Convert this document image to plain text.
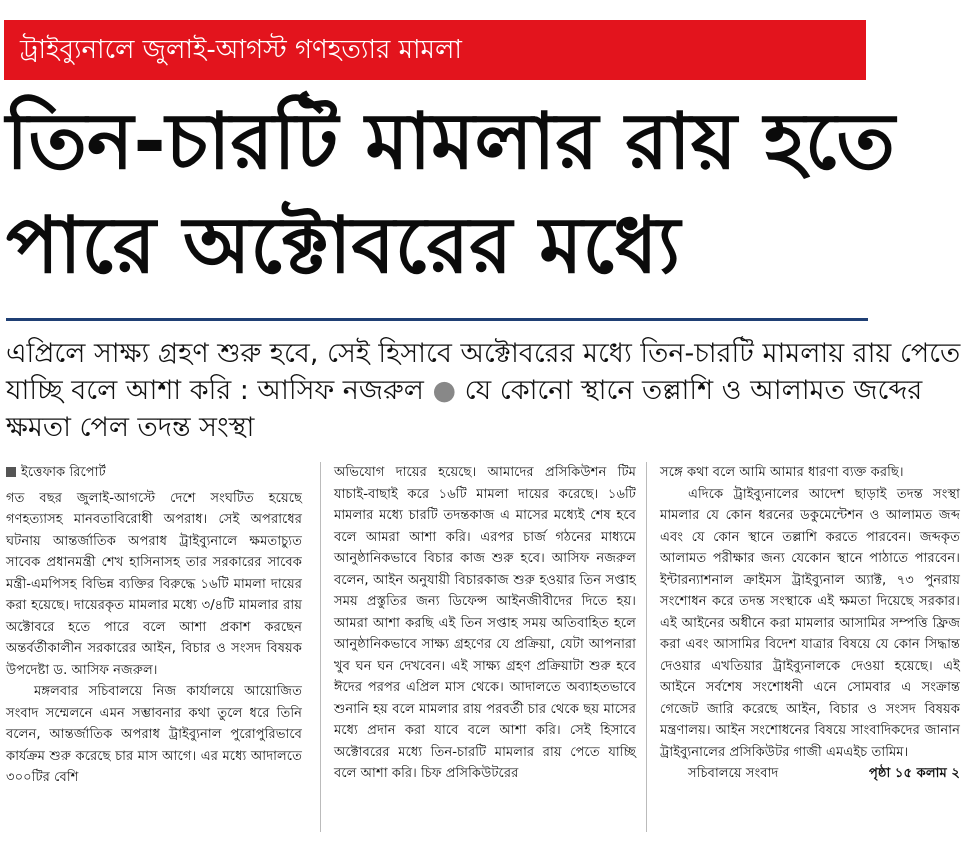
ট্রাইব্যুনালে জুলাই-আগস্ট গণহত্যার মামলা
তিন-চারটি মামলার রায় হতে
পারে অক্টোবরের মধ্যে
এপ্রিলে সাক্ষ্য গ্রহণ শুরু হবে, সেই হিসাবে অক্টোবরের মধ্যে তিন-চারটি মামলায় রায় পেতে যাচ্ছি বলে আশা করি : আসিফ নজরুল ● যে কোনো স্থানে তল্লাশি ও আলামত জব্দের ক্ষমতা পেল তদন্ত সংস্থা
ইত্তেফাক রিপোর্ট

গত বছর জুলাই-আগস্টে দেশে সংঘটিত হয়েছে গণহত্যাসহ মানবতাবিরোধী অপরাধ। সেই অপরাধের ঘটনায় আন্তর্জাতিক অপরাধ ট্রাইব্যুনালে ক্ষমতাচ্যুত সাবেক প্রধানমন্ত্রী শেখ হাসিনাসহ তার সরকারের সাবেক মন্ত্রী-এমপিসহ বিভিন্ন ব্যক্তির বিরুদ্ধে ১৬টি মামলা দায়ের করা হয়েছে। দায়েরকৃত মামলার মধ্যে ৩/৪টি মামলার রায় অক্টোবরে হতে পারে বলে আশা প্রকাশ করছেন অন্তর্বর্তীকালীন সরকারের আইন, বিচার ও সংসদ বিষয়ক উপদেষ্টা ড. আসিফ নজরুল।

মঙ্গলবার সচিবালয়ে নিজ কার্যালয়ে আয়োজিত সংবাদ সম্মেলনে এমন সম্ভাবনার কথা তুলে ধরে তিনি বলেন, আন্তর্জাতিক অপরাধ ট্রাইব্যুনাল পুরোপুরিভাবে কার্যক্রম শুরু করেছে চার মাস আগে। এর মধ্যে আদালতে ৩০০টির বেশি

অভিযোগ দায়ের হয়েছে। আমাদের প্রসিকিউশন টিম যাচাই-বাছাই করে ১৬টি মামলা দায়ের করেছে। ১৬টি মামলার মধ্যে চারটি তদন্তকাজ এ মাসের মধ্যেই শেষ হবে বলে আমরা আশা করি। এরপর চার্জ গঠনের মাধ্যমে আনুষ্ঠানিকভাবে বিচার কাজ শুরু হবে। আসিফ নজরুল বলেন, আইন অনুযায়ী বিচারকাজ শুরু হওয়ার তিন সপ্তাহ সময় প্রস্তুতির জন্য ডিফেন্স আইনজীবীদের দিতে হয়। আমরা আশা করছি এই তিন সপ্তাহ সময় অতিবাহিত হলে আনুষ্ঠানিকভাবে সাক্ষ্য গ্রহণের যে প্রক্রিয়া, যেটা আপনারা খুব ঘন ঘন দেখবেন। এই সাক্ষ্য গ্রহণ প্রক্রিয়াটা শুরু হবে ঈদের পরপর এপ্রিল মাস থেকে। আদালতে অব্যাহতভাবে শুনানি হয় বলে মামলার রায় পরবর্তী চার থেকে ছয় মাসের মধ্যে প্রদান করা যাবে বলে আশা করি। সেই হিসাবে অক্টোবরের মধ্যে তিন-চারটি মামলার রায় পেতে যাচ্ছি বলে আশা করি। চিফ প্রসিকিউটরের

সঙ্গে কথা বলে আমি আমার ধারণা ব্যক্ত করছি।

এদিকে ট্রাইব্যুনালের আদেশ ছাড়াই তদন্ত সংস্থা মামলার যে কোন ধরনের ডকুমেন্টেশন ও আলামত জব্দ এবং যে কোন স্থানে তল্লাশি করতে পারবেন। জব্দকৃত আলামত পরীক্ষার জন্য যেকোন স্থানে পাঠাতে পারবেন। ইন্টারন্যাশনাল ক্রাইমস ট্রাইব্যুনাল অ্যাক্ট, ৭৩ পুনরায় সংশোধন করে তদন্ত সংস্থাকে এই ক্ষমতা দিয়েছে সরকার। এই আইনের অধীনে করা মামলার আসামির সম্পত্তি ফ্রিজ করা এবং আসামির বিদেশ যাত্রার বিষয়ে যে কোন সিদ্ধান্ত দেওয়ার এখতিয়ার ট্রাইব্যুনালকে দেওয়া হয়েছে। এই আইনে সর্বশেষ সংশোধনী এনে সোমবার এ সংক্রান্ত গেজেট জারি করেছে আইন, বিচার ও সংসদ বিষয়ক মন্ত্রণালয়। আইন সংশোধনের বিষয়ে সাংবাদিকদের জানান ট্রাইব্যুনালের প্রসিকিউটর গাজী এমএইচ তামিম।

সচিবালয়ে সংবাদ	পৃষ্ঠা ১৫ কলাম ২
